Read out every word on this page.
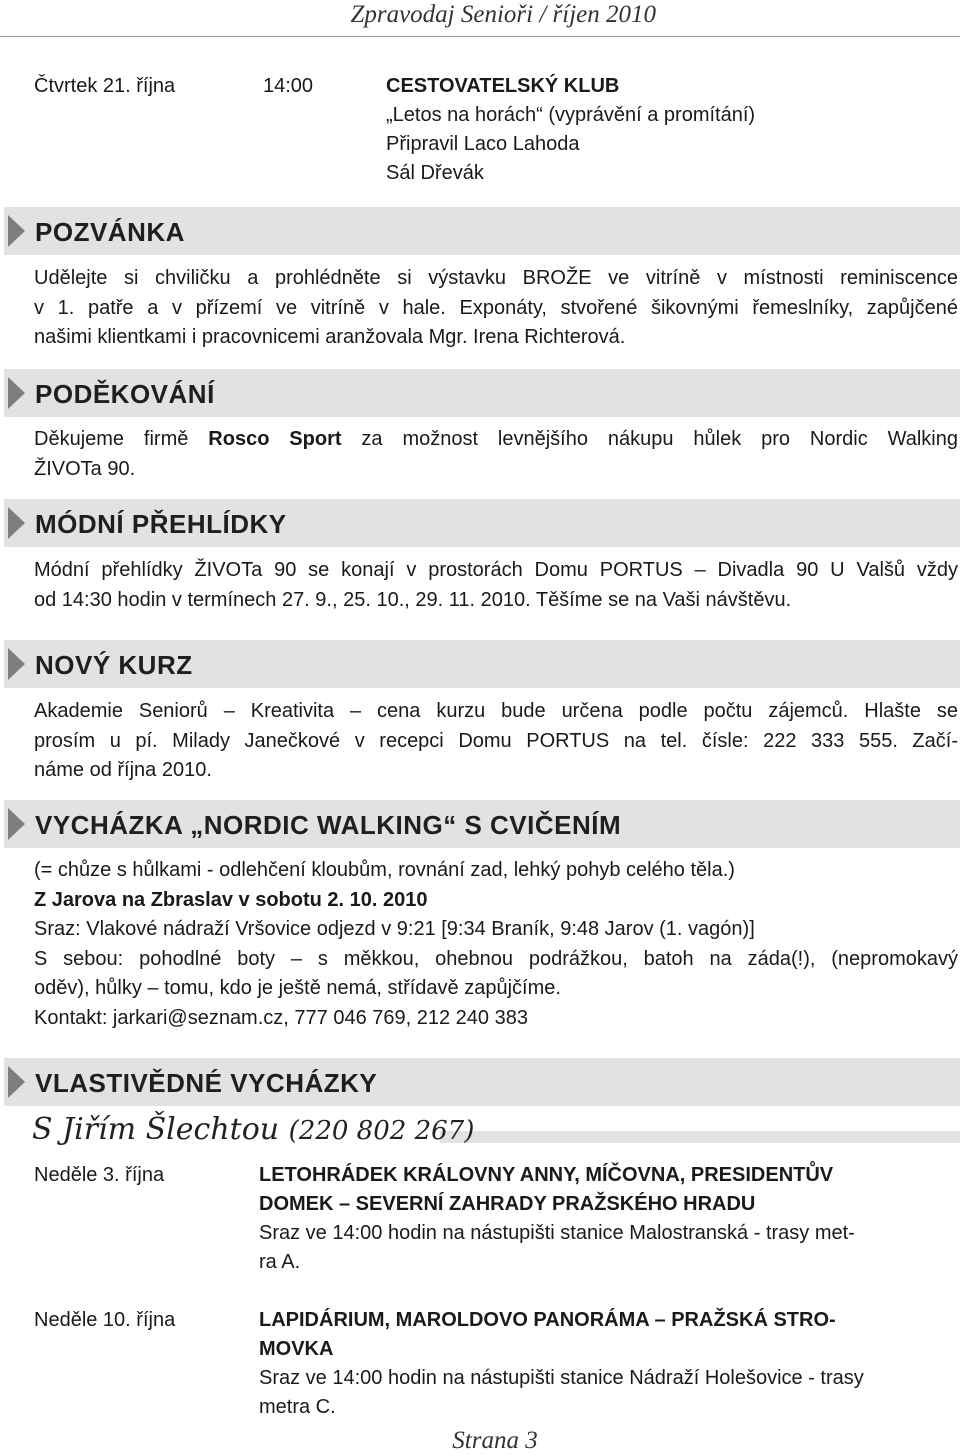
Zpravodaj Senioři / říjen 2010
Čtvrtek 21. října	14:00	CESTOVATELSKÝ KLUB
„Letos na horách“ (vyprávění a promítání)
Připravil Laco Lahoda
Sál Dřevák
POZVÁNKA
Udělejte si chviličku a prohlédněte si výstavku BROŽE ve vitríně v místnosti reminiscence
v 1. patře a v přízemí ve vitríně v hale. Exponáty, stvořené šikovnými řemeslníky, zapůjčené
našimi klientkami i pracovnicemi aranžovala Mgr. Irena Richterová.
PODĚKOVÁNÍ
Děkujeme firmě Rosco Sport za možnost levnějšího nákupu hůlek pro Nordic Walking
ŽIVOTa 90.
MÓDNÍ PŘEHLÍDKY
Módní přehlídky ŽIVOTa 90 se konají v prostorách Domu PORTUS – Divadla 90 U Valšů vždy
od 14:30 hodin v termínech 27. 9., 25. 10., 29. 11. 2010. Těšíme se na Vaši návštěvu.
NOVÝ KURZ
Akademie Seniorů – Kreativita – cena kurzu bude určena podle počtu zájemců. Hlašte se
prosím u pí. Milady Janečkové v recepci Domu PORTUS na tel. čísle: 222 333 555. Začí-
náme od října 2010.
VYCHÁZKA „NORDIC WALKING“ S CVIČENÍM
(= chůze s hůlkami - odlehčení kloubům, rovnání zad, lehký pohyb celého těla.)
Z Jarova na Zbraslav v sobotu 2. 10. 2010
Sraz: Vlakové nádraží Vršovice odjezd v 9:21 [9:34 Braník, 9:48 Jarov (1. vagón)]
S sebou: pohodlné boty – s měkkou, ohebnou podrážkou, batoh na záda(!), (nepromokavý
oděv), hůlky – tomu, kdo je ještě nemá, střídavě zapůjčíme.
Kontakt: jarkari@seznam.cz, 777 046 769, 212 240 383
VLASTIVĚDNÉ VYCHÁZKY
S Jiřím Šlechtou (220 802 267)
Neděle 3. října	LETOHRÁDEK KRÁLOVNY ANNY, MÍČOVNA, PRESIDENTŮV
DOMEK – SEVERNÍ ZAHRADY PRAŽSKÉHO HRADU
Sraz ve 14:00 hodin na nástupišti stanice Malostranská - trasy met-
ra A.
Neděle 10. října	LAPIDÁRIUM, MAROLDOVO PANORÁMA – PRAŽSKÁ STRO-
MOVKA
Sraz ve 14:00 hodin na nástupišti stanice Nádraží Holešovice - trasy
metra C.
Strana 3
